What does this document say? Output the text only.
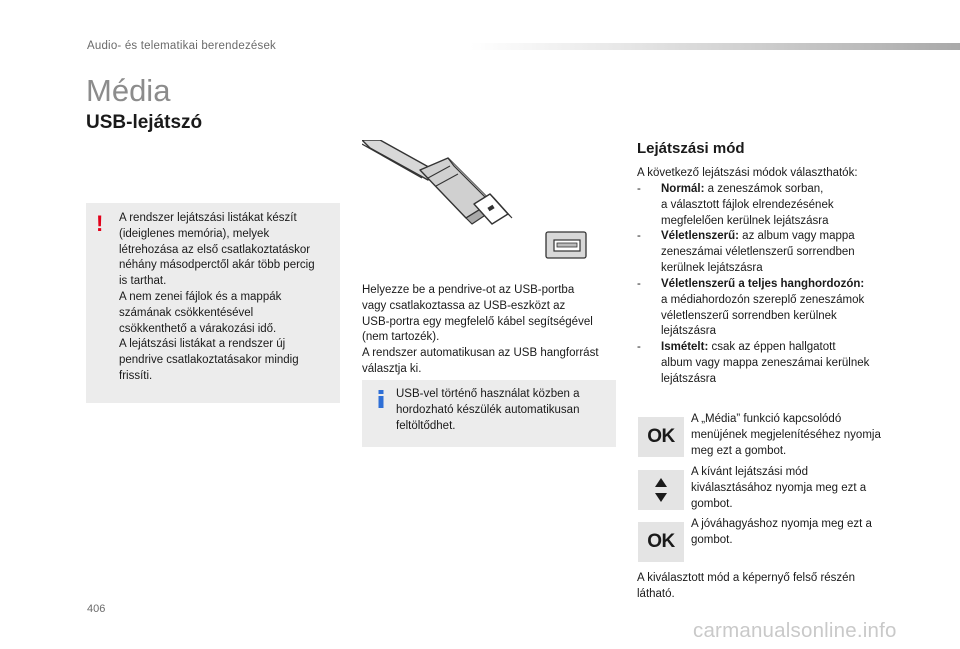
Audio- és telematikai berendezések
Média
USB-lejátszó
! A rendszer lejátszási listákat készít
(ideiglenes memória), melyek
létrehozása az első csatlakoztatáskor
néhány másodperctől akár több percig
is tarthat.
A nem zenei fájlok és a mappák
számának csökkentésével
csökkenthető a várakozási idő.
A lejátszási listákat a rendszer új
pendrive csatlakoztatásakor mindig
frissíti.
Helyezze be a pendrive-ot az USB-portba
vagy csatlakoztassa az USB-eszközt az
USB-portra egy megfelelő kábel segítségével
(nem tartozék).
A rendszer automatikusan az USB hangforrást
választja ki.
USB-vel történő használat közben a
hordozható készülék automatikusan
feltöltődhet.
Lejátszási mód
A következő lejátszási módok választhatók:
- Normál: a zeneszámok sorban,
a választott fájlok elrendezésének
megfelelően kerülnek lejátszásra
- Véletlenszerű: az album vagy mappa
zeneszámai véletlenszerű sorrendben
kerülnek lejátszásra
- Véletlenszerű a teljes hanghordozón:
a médiahordozón szereplő zeneszámok
véletlenszerű sorrendben kerülnek
lejátszásra
- Ismételt: csak az éppen hallgatott
album vagy mappa zeneszámai kerülnek
lejátszásra
OK
A „Média” funkció kapcsolódó
menüjének megjelenítéséhez nyomja
meg ezt a gombot.
A kívánt lejátszási mód
kiválasztásához nyomja meg ezt a
gombot.
OK
A jóváhagyáshoz nyomja meg ezt a
gombot.
A kiválasztott mód a képernyő felső részén
látható.
406
carmanualsonline.info
